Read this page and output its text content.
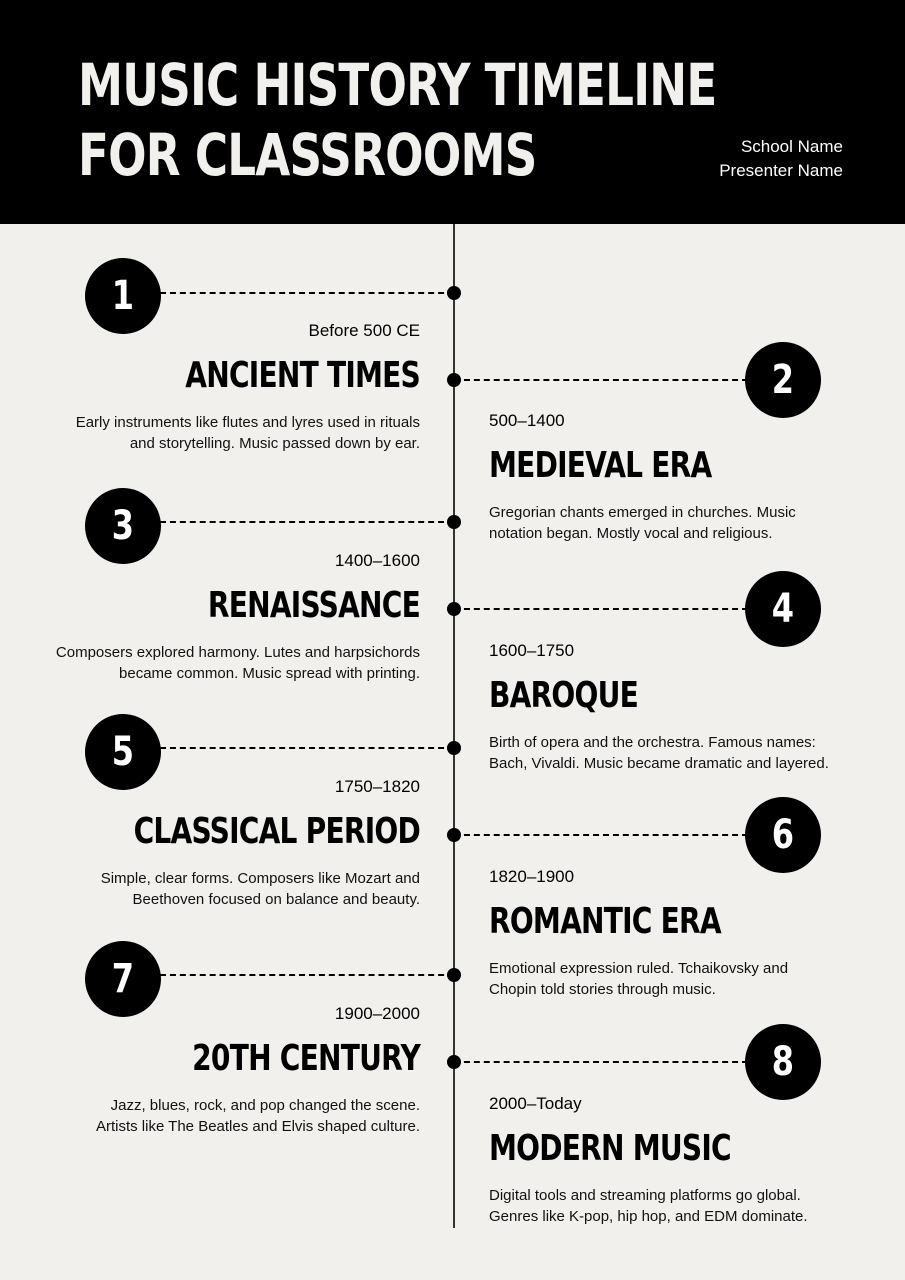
MUSIC HISTORY TIMELINE
FOR CLASSROOMS	School Name
Presenter Name
1
Before 500 CE
ANCIENT TIMES
Early instruments like flutes and lyres used in rituals
and storytelling. Music passed down by ear.
2
500–1400
MEDIEVAL ERA
Gregorian chants emerged in churches. Music
notation began. Mostly vocal and religious.
3
1400–1600
RENAISSANCE
Composers explored harmony. Lutes and harpsichords
became common. Music spread with printing.
4
1600–1750
BAROQUE
Birth of opera and the orchestra. Famous names:
Bach, Vivaldi. Music became dramatic and layered.
5
1750–1820
CLASSICAL PERIOD
Simple, clear forms. Composers like Mozart and
Beethoven focused on balance and beauty.
6
1820–1900
ROMANTIC ERA
Emotional expression ruled. Tchaikovsky and
Chopin told stories through music.
7
1900–2000
20TH CENTURY
Jazz, blues, rock, and pop changed the scene.
Artists like The Beatles and Elvis shaped culture.
8
2000–Today
MODERN MUSIC
Digital tools and streaming platforms go global.
Genres like K-pop, hip hop, and EDM dominate.
